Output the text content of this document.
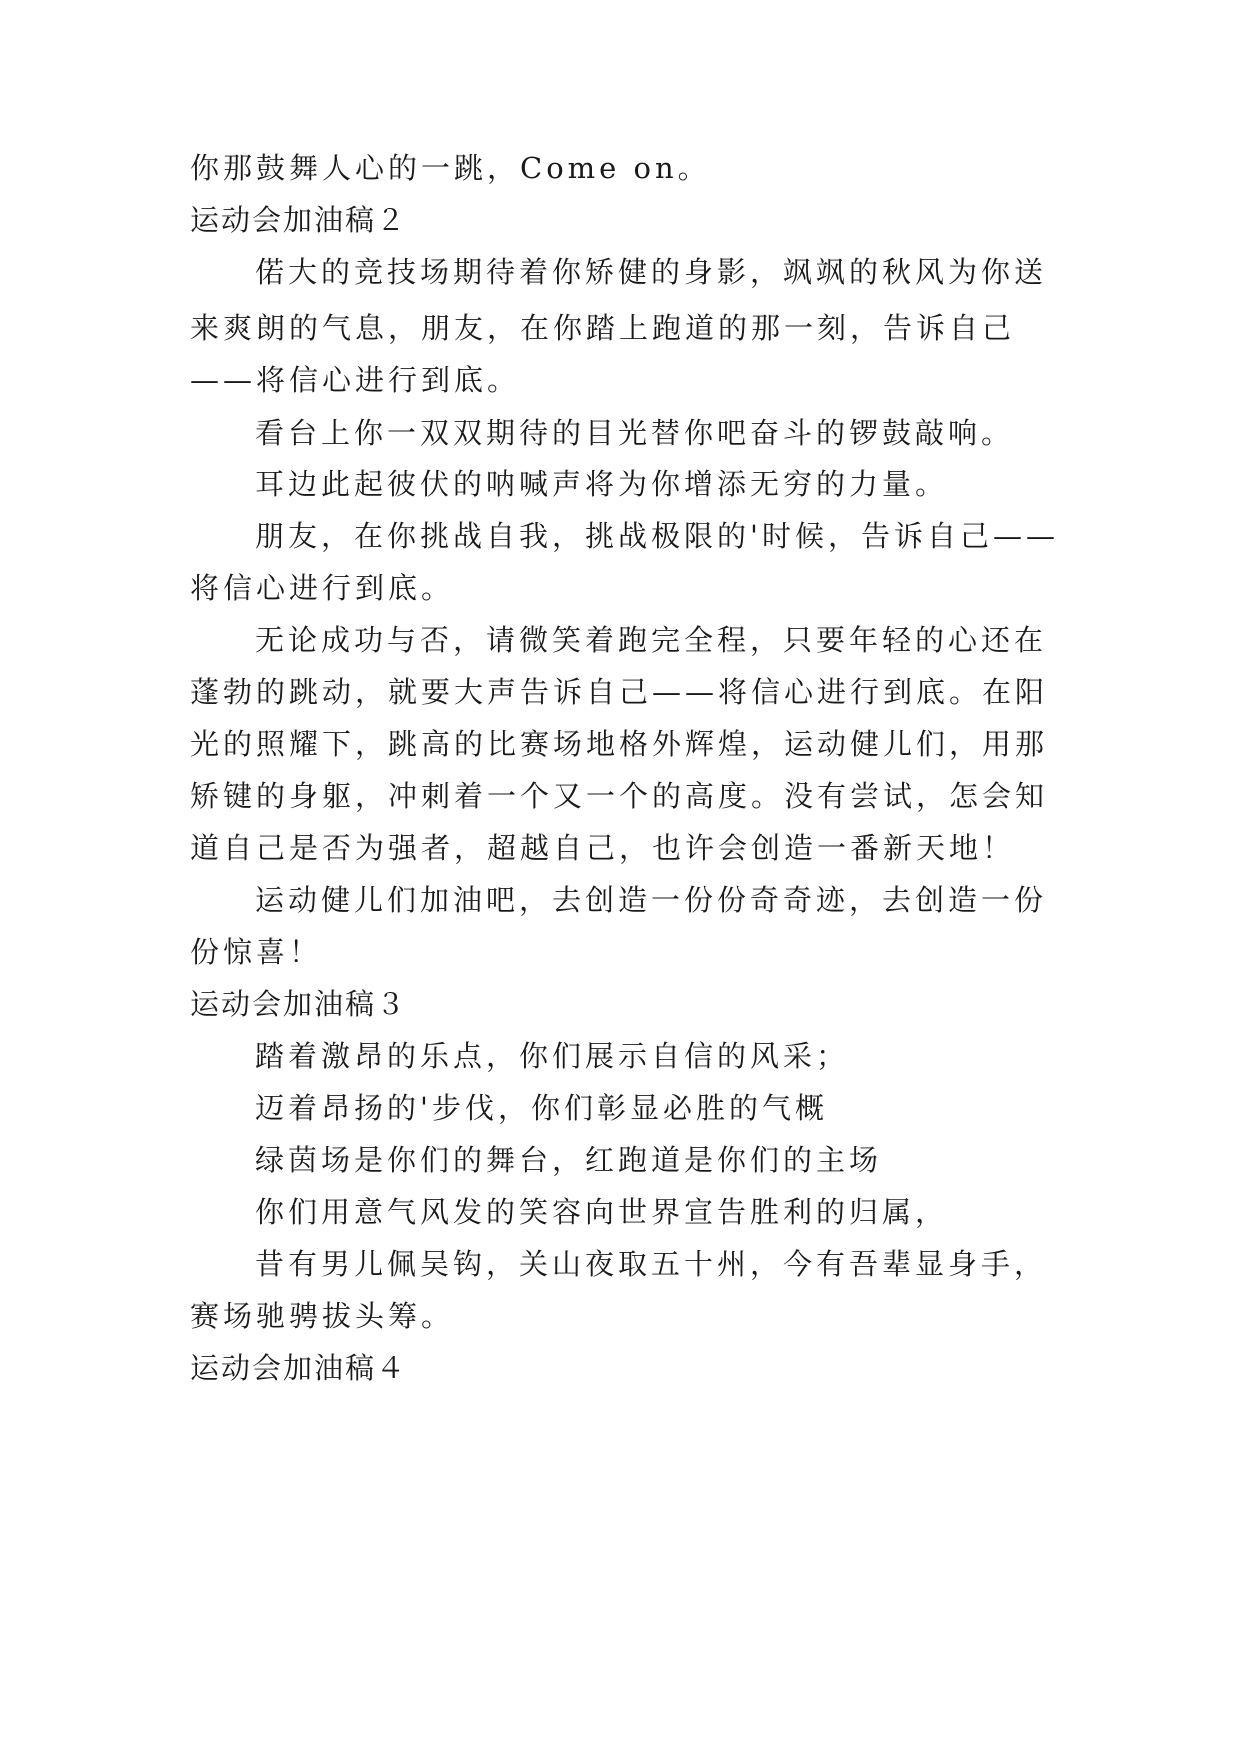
你那鼓舞人心的一跳，Come on。
运动会加油稿２
偌大的竞技场期待着你矫健的身影，飒飒的秋风为你送
来爽朗的气息，朋友，在你踏上跑道的那一刻，告诉自己
——将信心进行到底。
看台上你一双双期待的目光替你吧奋斗的锣鼓敲响。
耳边此起彼伏的呐喊声将为你增添无穷的力量。
朋友，在你挑战自我，挑战极限的'时候，告诉自己——
将信心进行到底。
无论成功与否，请微笑着跑完全程，只要年轻的心还在
蓬勃的跳动，就要大声告诉自己——将信心进行到底。在阳
光的照耀下，跳高的比赛场地格外辉煌，运动健儿们，用那
矫键的身躯，冲刺着一个又一个的高度。没有尝试，怎会知
道自己是否为强者，超越自己，也许会创造一番新天地！
运动健儿们加油吧，去创造一份份奇奇迹，去创造一份
份惊喜！
运动会加油稿３
踏着激昂的乐点，你们展示自信的风采；
迈着昂扬的'步伐，你们彰显必胜的气概
绿茵场是你们的舞台，红跑道是你们的主场
你们用意气风发的笑容向世界宣告胜利的归属，
昔有男儿佩吴钩，关山夜取五十州，今有吾辈显身手，
赛场驰骋拔头筹。
运动会加油稿４
